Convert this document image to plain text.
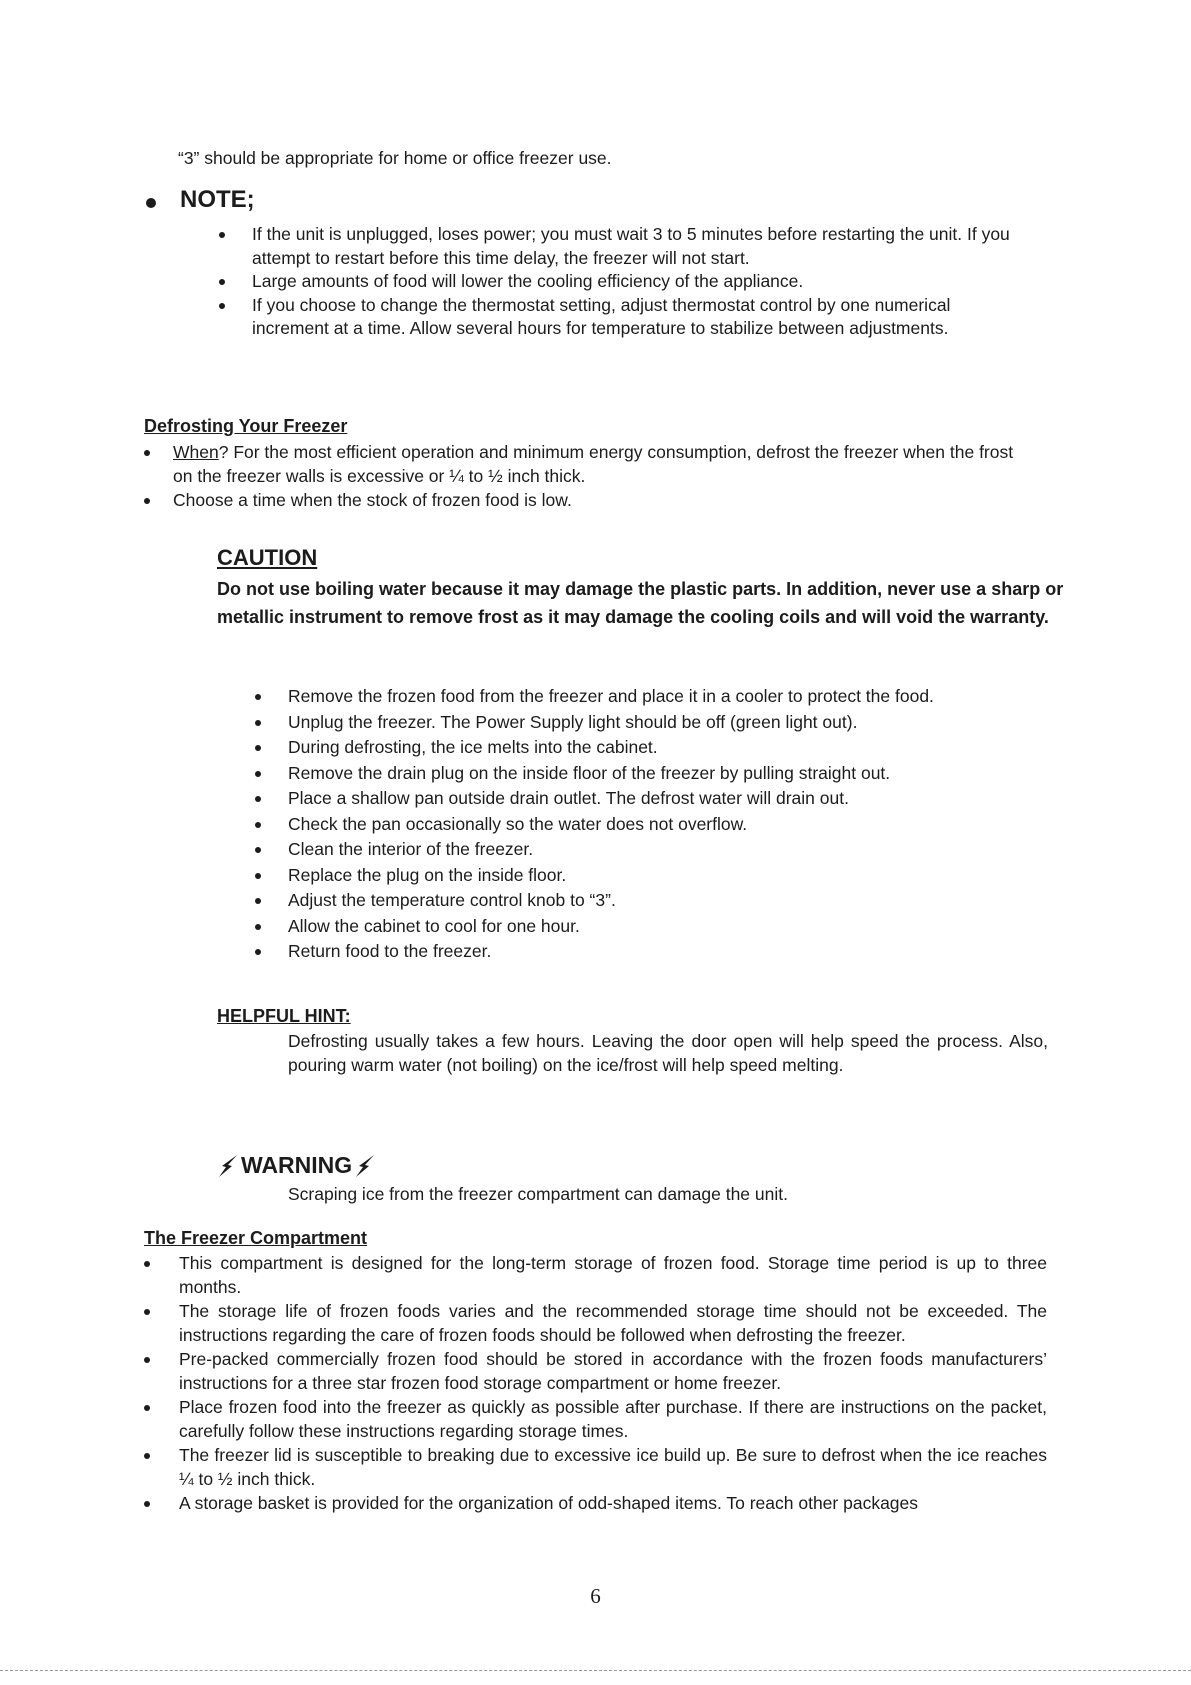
“3” should be appropriate for home or office freezer use.

NOTE;

If the unit is unplugged, loses power; you must wait 3 to 5 minutes before restarting the unit. If you attempt to restart before this time delay, the freezer will not start.
Large amounts of food will lower the cooling efficiency of the appliance.
If you choose to change the thermostat setting, adjust thermostat control by one numerical increment at a time. Allow several hours for temperature to stabilize between adjustments.

Defrosting Your Freezer

When? For the most efficient operation and minimum energy consumption, defrost the freezer when the frost on the freezer walls is excessive or ¼ to ½ inch thick.
Choose a time when the stock of frozen food is low.

CAUTION

Do not use boiling water because it may damage the plastic parts. In addition, never use a sharp or metallic instrument to remove frost as it may damage the cooling coils and will void the warranty.

Remove the frozen food from the freezer and place it in a cooler to protect the food.
Unplug the freezer. The Power Supply light should be off (green light out).
During defrosting, the ice melts into the cabinet.
Remove the drain plug on the inside floor of the freezer by pulling straight out.
Place a shallow pan outside drain outlet. The defrost water will drain out.
Check the pan occasionally so the water does not overflow.
Clean the interior of the freezer.
Replace the plug on the inside floor.
Adjust the temperature control knob to “3”.
Allow the cabinet to cool for one hour.
Return food to the freezer.

HELPFUL HINT:

Defrosting usually takes a few hours. Leaving the door open will help speed the process. Also, pouring warm water (not boiling) on the ice/frost will help speed melting.

WARNING

Scraping ice from the freezer compartment can damage the unit.

The Freezer Compartment

This compartment is designed for the long-term storage of frozen food. Storage time period is up to three months.
The storage life of frozen foods varies and the recommended storage time should not be exceeded. The instructions regarding the care of frozen foods should be followed when defrosting the freezer.
Pre-packed commercially frozen food should be stored in accordance with the frozen foods manufacturers’ instructions for a three star frozen food storage compartment or home freezer.
Place frozen food into the freezer as quickly as possible after purchase. If there are instructions on the packet, carefully follow these instructions regarding storage times.
The freezer lid is susceptible to breaking due to excessive ice build up. Be sure to defrost when the ice reaches ¼ to ½ inch thick.
A storage basket is provided for the organization of odd-shaped items. To reach other packages

6
